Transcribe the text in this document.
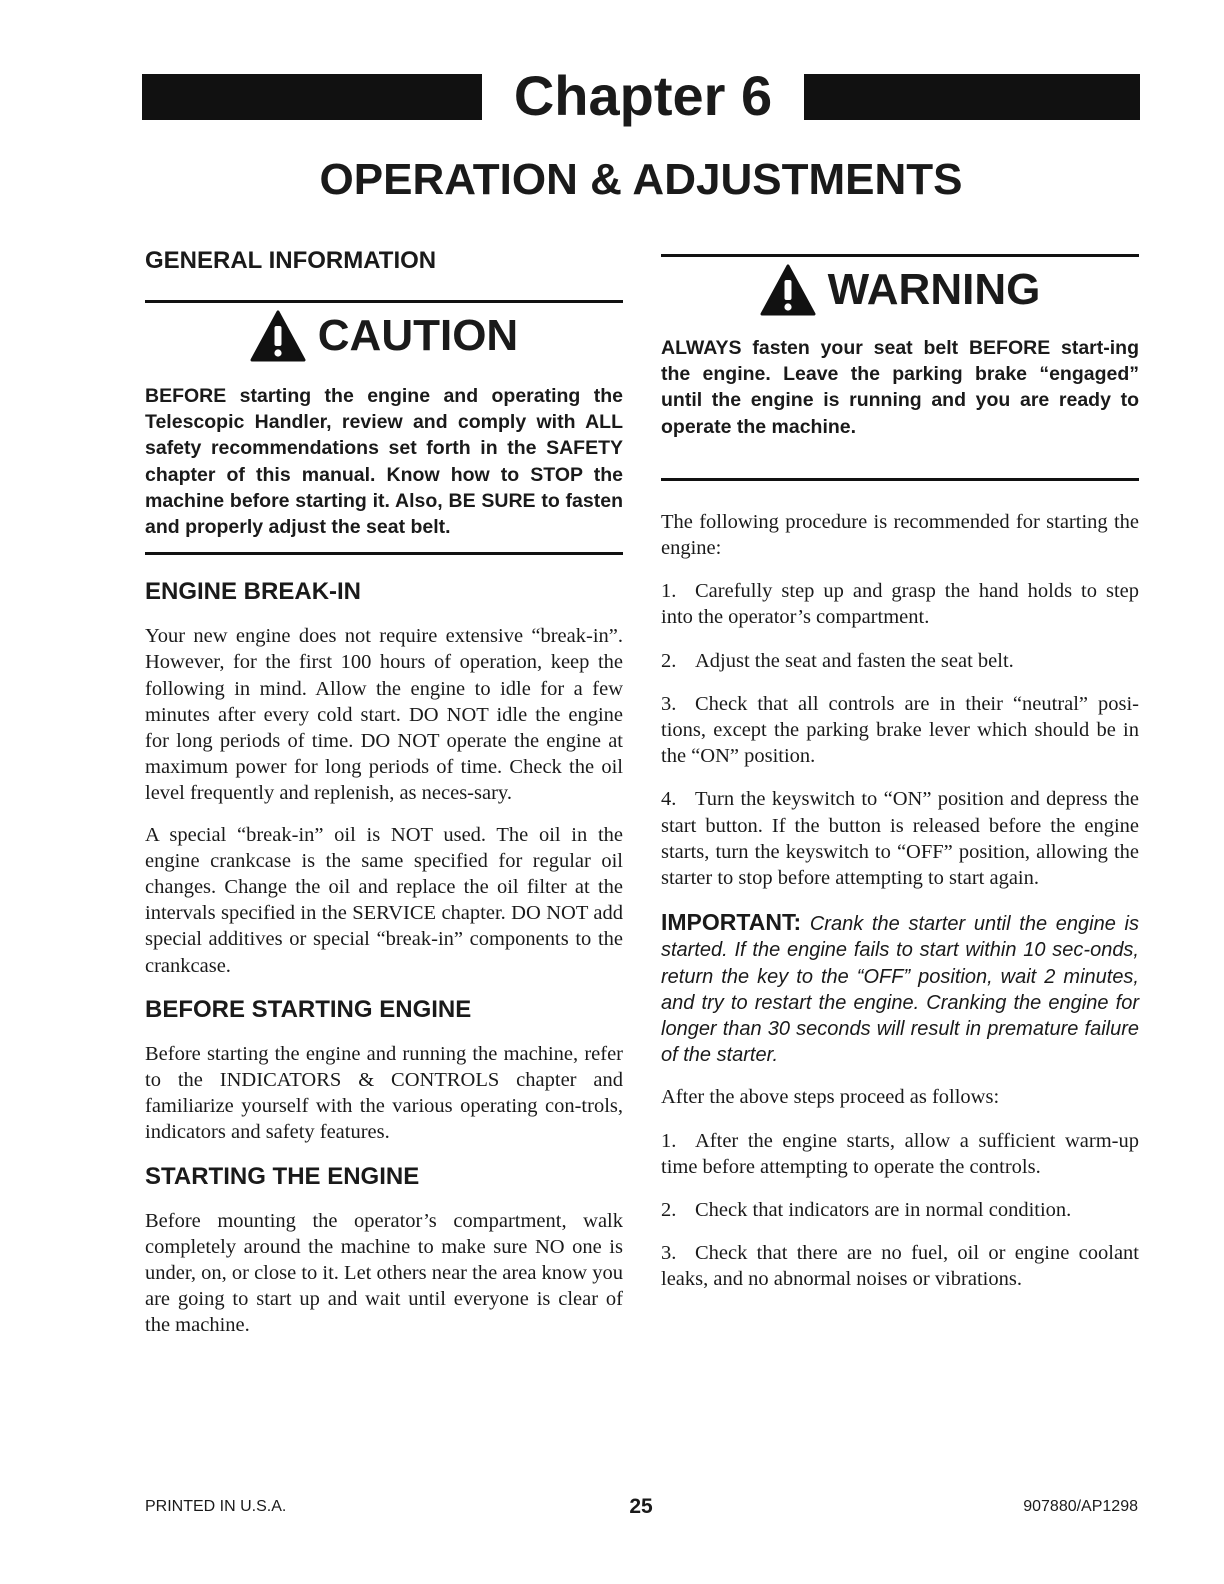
Chapter 6
OPERATION & ADJUSTMENTS
GENERAL INFORMATION
CAUTION

BEFORE starting the engine and operating the Telescopic Handler, review and comply with ALL safety recommendations set forth in the SAFETY chapter of this manual. Know how to STOP the machine before starting it. Also, BE SURE to fasten and properly adjust the seat belt.

ENGINE BREAK-IN

Your new engine does not require extensive “break-in”. However, for the first 100 hours of operation, keep the following in mind. Allow the engine to idle for a few minutes after every cold start. DO NOT idle the engine for long periods of time. DO NOT operate the engine at maximum power for long periods of time. Check the oil level frequently and replenish, as neces-sary.

A special “break-in” oil is NOT used. The oil in the engine crankcase is the same specified for regular oil changes. Change the oil and replace the oil filter at the intervals specified in the SERVICE chapter. DO NOT add special additives or special “break-in” components to the crankcase.

BEFORE STARTING ENGINE

Before starting the engine and running the machine, refer to the INDICATORS & CONTROLS chapter and familiarize yourself with the various operating con-trols, indicators and safety features.

STARTING THE ENGINE

Before mounting the operator’s compartment, walk completely around the machine to make sure NO one is under, on, or close to it. Let others near the area know you are going to start up and wait until everyone is clear of the machine.

WARNING

ALWAYS fasten your seat belt BEFORE start-ing the engine. Leave the parking brake “engaged” until the engine is running and you are ready to operate the machine.

The following procedure is recommended for starting the engine:

1. Carefully step up and grasp the hand holds to step into the operator’s compartment.

2. Adjust the seat and fasten the seat belt.

3. Check that all controls are in their “neutral” posi-tions, except the parking brake lever which should be in the “ON” position.

4. Turn the keyswitch to “ON” position and depress the start button. If the button is released before the engine starts, turn the keyswitch to “OFF” position, allowing the starter to stop before attempting to start again.

IMPORTANT: Crank the starter until the engine is started. If the engine fails to start within 10 sec-onds, return the key to the “OFF” position, wait 2 minutes, and try to restart the engine. Cranking the engine for longer than 30 seconds will result in premature failure of the starter.

After the above steps proceed as follows:

1. After the engine starts, allow a sufficient warm-up time before attempting to operate the controls.

2. Check that indicators are in normal condition.

3. Check that there are no fuel, oil or engine coolant leaks, and no abnormal noises or vibrations.

PRINTED IN U.S.A.	25	907880/AP1298
